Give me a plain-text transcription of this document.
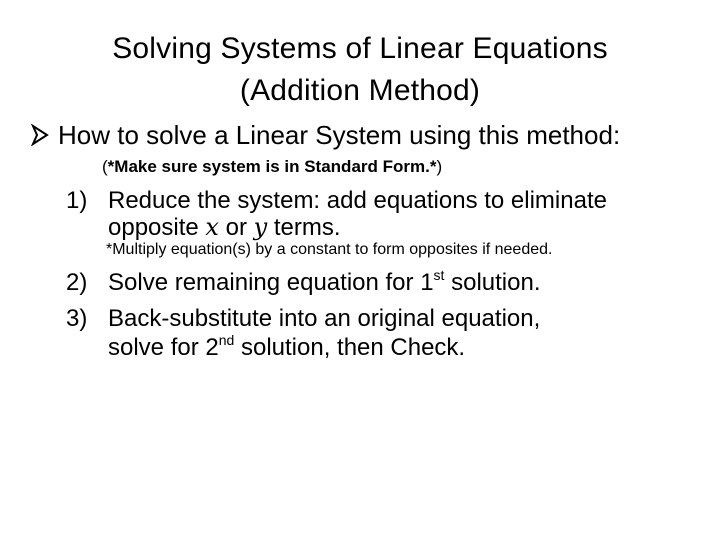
Solving Systems of Linear Equations
(Addition Method)
How to solve a Linear System using this method:
(*Make sure system is in Standard Form.*)
1) Reduce the system: add equations to eliminate
opposite x or y terms.
*Multiply equation(s) by a constant to form opposites if needed.
2) Solve remaining equation for 1st solution.
3) Back-substitute into an original equation,
solve for 2nd solution, then Check.
